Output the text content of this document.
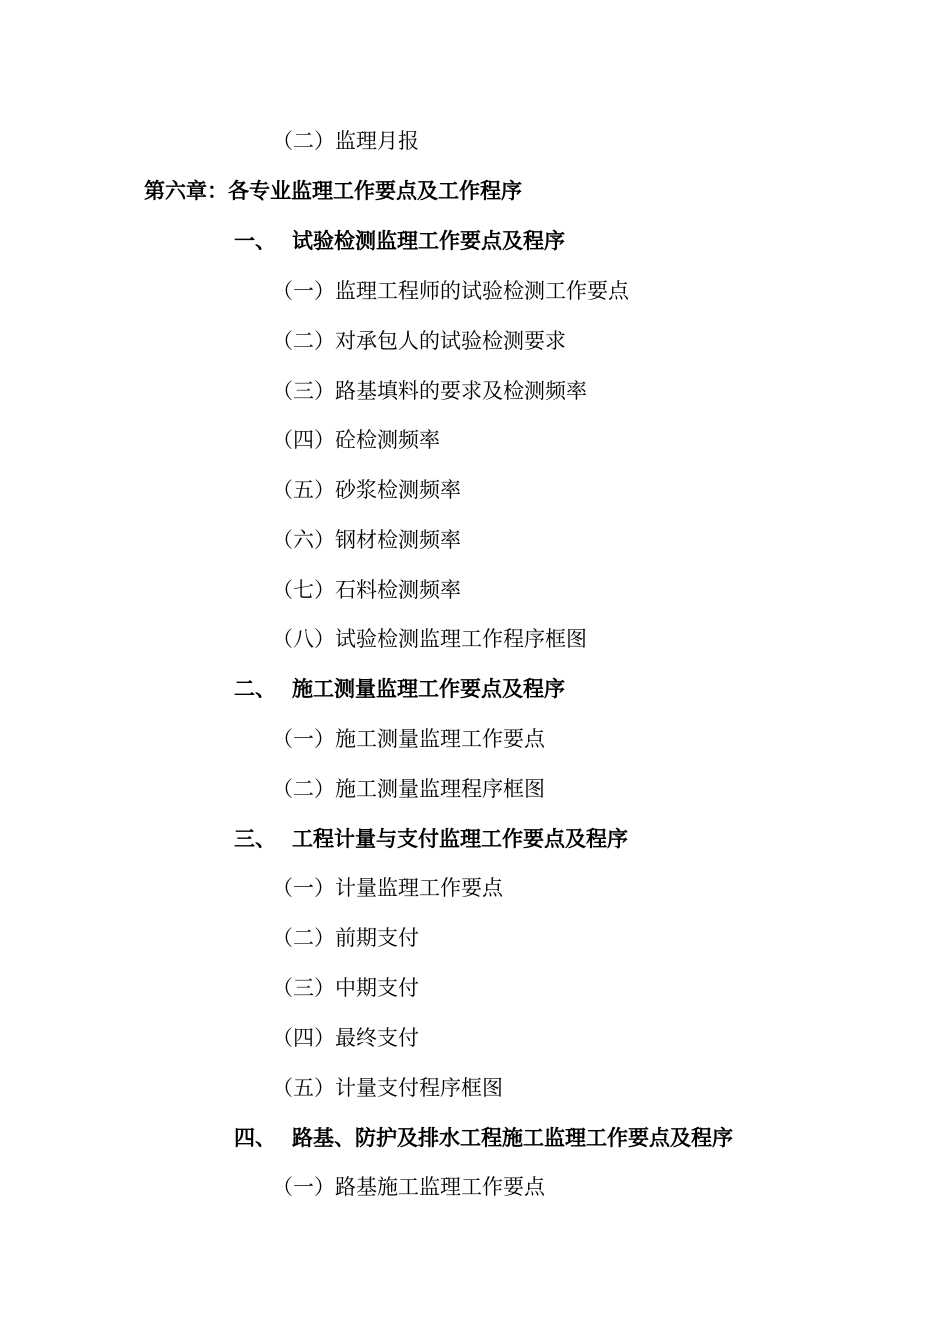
（二）监理月报
第六章：各专业监理工作要点及工作程序
一、 试验检测监理工作要点及程序
（一）监理工程师的试验检测工作要点
（二）对承包人的试验检测要求
（三）路基填料的要求及检测频率
（四）砼检测频率
（五）砂浆检测频率
（六）钢材检测频率
（七）石料检测频率
（八）试验检测监理工作程序框图
二、 施工测量监理工作要点及程序
（一）施工测量监理工作要点
（二）施工测量监理程序框图
三、 工程计量与支付监理工作要点及程序
（一）计量监理工作要点
（二）前期支付
（三）中期支付
（四）最终支付
（五）计量支付程序框图
四、 路基、防护及排水工程施工监理工作要点及程序
（一）路基施工监理工作要点
